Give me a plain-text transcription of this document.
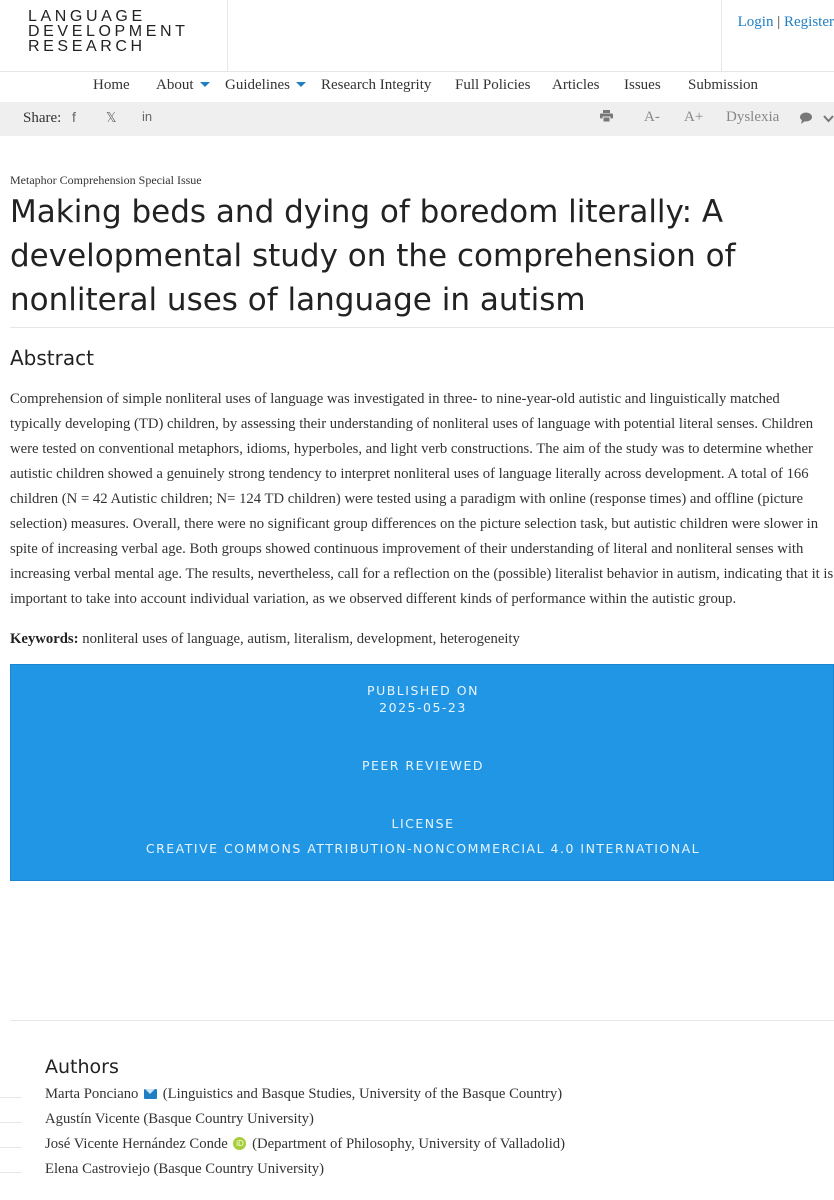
LANGUAGE
DEVELOPMENT
RESEARCH
Login | Register
Home About	Guidelines	Research Integrity Full Policies Articles Issues Submission
Share: f 𝕏 in	A- A+ Dyslexia
Metaphor Comprehension Special Issue
Making beds and dying of boredom literally: A developmental study on the comprehension of nonliteral uses of language in autism
Abstract

Comprehension of simple nonliteral uses of language was investigated in three- to nine-year-old autistic and linguistically matched typically developing (TD) children, by assessing their understanding of nonliteral uses of language with potential literal senses. Children were tested on conventional metaphors, idioms, hyperboles, and light verb constructions. The aim of the study was to determine whether autistic children showed a genuinely strong tendency to interpret nonliteral uses of language literally across development. A total of 166 children (N = 42 Autistic children; N= 124 TD children) were tested using a paradigm with online (response times) and offline (picture selection) measures. Overall, there were no significant group differences on the picture selection task, but autistic children were slower in spite of increasing verbal age. Both groups showed continuous improvement of their understanding of literal and nonliteral senses with increasing verbal mental age. The results, nevertheless, call for a reflection on the (possible) literalist behavior in autism, indicating that it is important to take into account individual variation, as we observed different kinds of performance within the autistic group.

Keywords: nonliteral uses of language, autism, literalism, development, heterogeneity

PUBLISHED ON
2025-05-23
PEER REVIEWED
LICENSE
CREATIVE COMMONS ATTRIBUTION-NONCOMMERCIAL 4.0 INTERNATIONAL
Authors
Marta Ponciano (Linguistics and Basque Studies, University of the Basque Country)
Agustín Vicente (Basque Country University)
José Vicente Hernández Conde iD (Department of Philosophy, University of Valladolid)
Elena Castroviejo (Basque Country University)
